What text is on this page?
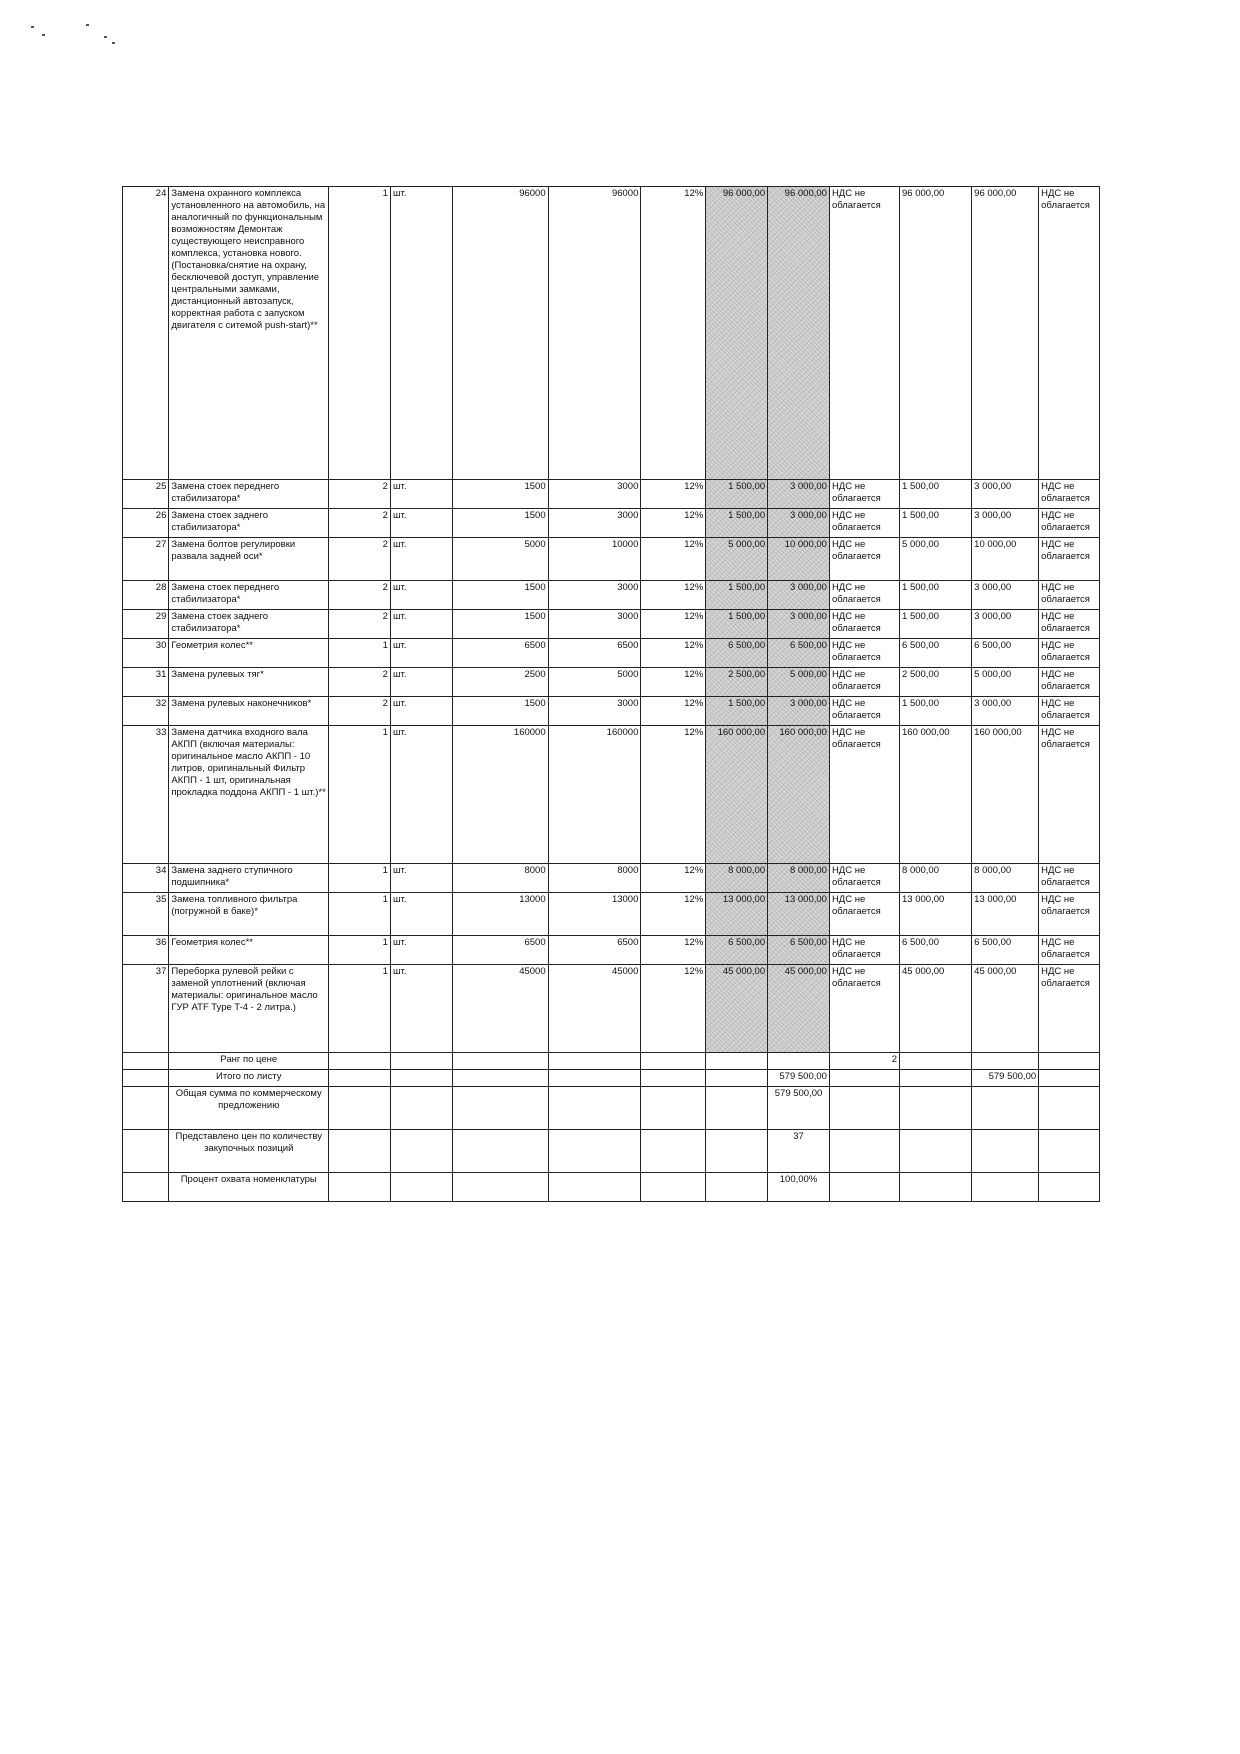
24	Замена охранного комплекса установленного на автомобиль, на аналогичный по функциональным возможностям Демонтаж существующего неисправного комплекса, установка нового. (Постановка/снятие на охрану, бесключевой доступ, управление центральными замками, дистанционный автозапуск, корректная работа с запуском двигателя с ситемой push-start)**	1	шт.	96000	96000	12%	96 000,00	96 000,00	НДС не облагается	96 000,00	96 000,00	НДС не облагается
25	Замена стоек переднего стабилизатора*	2	шт.	1500	3000	12%	1 500,00	3 000,00	НДС не облагается	1 500,00	3 000,00	НДС не облагается
26	Замена стоек заднего стабилизатора*	2	шт.	1500	3000	12%	1 500,00	3 000,00	НДС не облагается	1 500,00	3 000,00	НДС не облагается
27	Замена болтов регулировки развала задней оси*	2	шт.	5000	10000	12%	5 000,00	10 000,00	НДС не облагается	5 000,00	10 000,00	НДС не облагается
28	Замена стоек переднего стабилизатора*	2	шт.	1500	3000	12%	1 500,00	3 000,00	НДС не облагается	1 500,00	3 000,00	НДС не облагается
29	Замена стоек заднего стабилизатора*	2	шт.	1500	3000	12%	1 500,00	3 000,00	НДС не облагается	1 500,00	3 000,00	НДС не облагается
30	Геометрия колес**	1	шт.	6500	6500	12%	6 500,00	6 500,00	НДС не облагается	6 500,00	6 500,00	НДС не облагается
31	Замена рулевых тяг*	2	шт.	2500	5000	12%	2 500,00	5 000,00	НДС не облагается	2 500,00	5 000,00	НДС не облагается
32	Замена рулевых наконечников*	2	шт.	1500	3000	12%	1 500,00	3 000,00	НДС не облагается	1 500,00	3 000,00	НДС не облагается
33	Замена датчика входного вала АКПП (включая материалы: оригинальное масло АКПП - 10 литров, оригинальный Фильтр АКПП - 1 шт, оригинальная прокладка поддона АКПП - 1 шт.)**	1	шт.	160000	160000	12%	160 000,00	160 000,00	НДС не облагается	160 000,00	160 000,00	НДС не облагается
34	Замена заднего ступичного подшипника*	1	шт.	8000	8000	12%	8 000,00	8 000,00	НДС не облагается	8 000,00	8 000,00	НДС не облагается
35	Замена топливного фильтра (погружной в баке)*	1	шт.	13000	13000	12%	13 000,00	13 000,00	НДС не облагается	13 000,00	13 000,00	НДС не облагается
36	Геометрия колес**	1	шт.	6500	6500	12%	6 500,00	6 500,00	НДС не облагается	6 500,00	6 500,00	НДС не облагается
37	Переборка рулевой рейки с заменой уплотнений (включая материалы: оригинальное масло ГУР ATF Type T-4 - 2 литра.)	1	шт.	45000	45000	12%	45 000,00	45 000,00	НДС не облагается	45 000,00	45 000,00	НДС не облагается
	Ранг по цене								2			
	Итого по листу							579 500,00			579 500,00	
	Общая сумма по коммерческому предложению							579 500,00				
	Представлено цен по количеству закупочных позиций							37				
	Процент охвата номенклатуры							100,00%				
